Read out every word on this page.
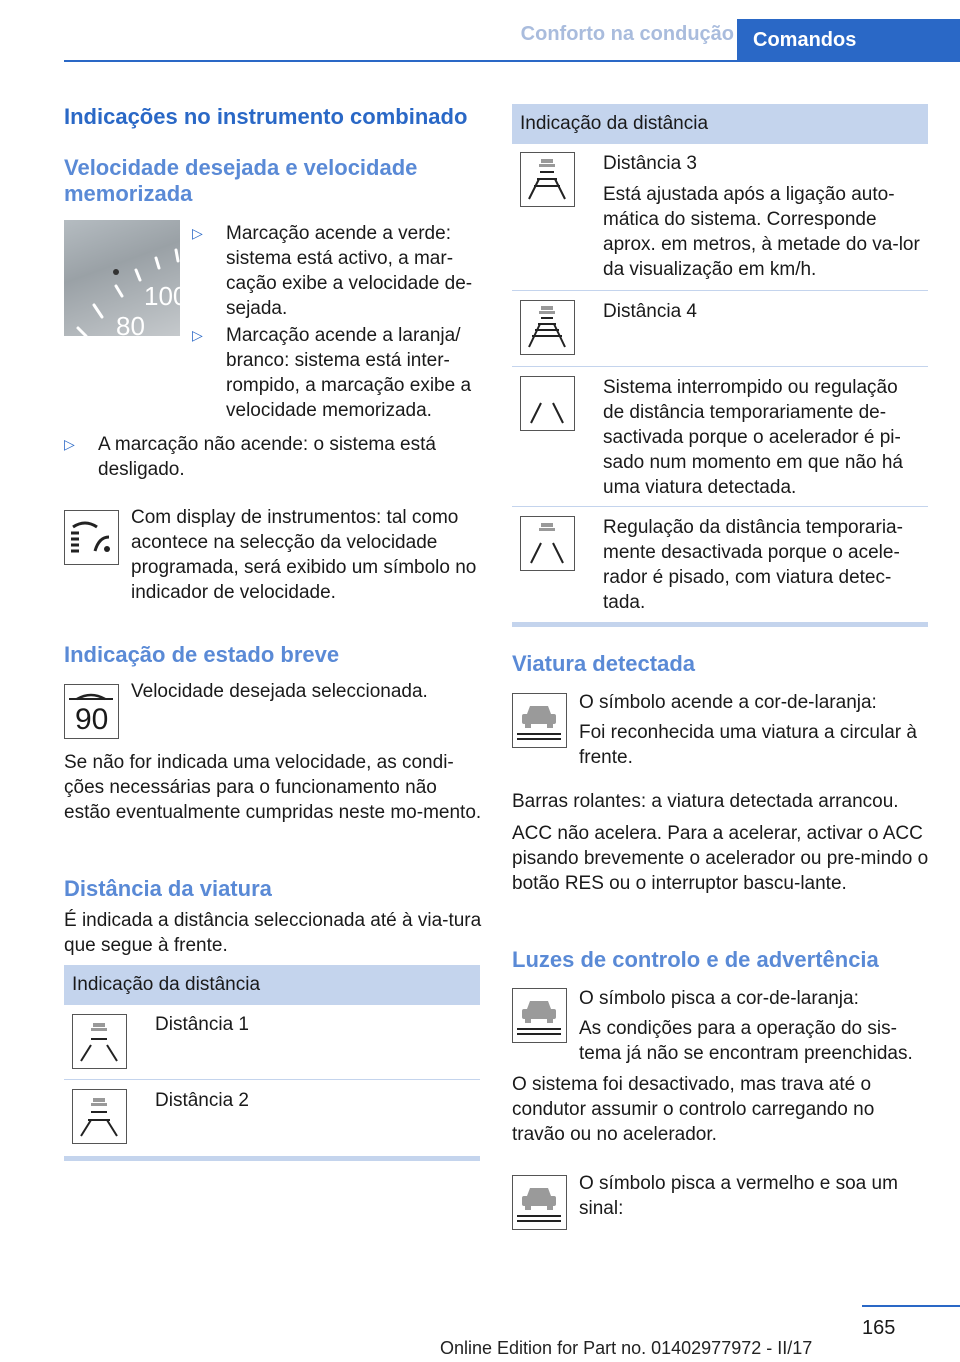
Conforto na condução Comandos
Indicações no instrumento combinado
Velocidade desejada e velocidade memorizada
100
80
▷ Marcação acende a verde: sistema está activo, a mar-cação exibe a velocidade de-sejada.
▷ Marcação acende a laranja/ branco: sistema está inter-rompido, a marcação exibe a velocidade memorizada.
▷ A marcação não acende: o sistema está desligado.
Com display de instrumentos: tal como acontece na selecção da velocidade programada, será exibido um símbolo no indicador de velocidade.
Indicação de estado breve
90
Velocidade desejada seleccionada.
Se não for indicada uma velocidade, as condi-ções necessárias para o funcionamento não estão eventualmente cumpridas neste mo-mento.
Distância da viatura
É indicada a distância seleccionada até à via-tura que segue à frente.
Indicação da distância
Distância 1
Distância 2
Indicação da distância
Distância 3
Está ajustada após a ligação auto-mática do sistema. Corresponde aprox. em metros, à metade do va-lor da visualização em km/h.
Distância 4
Sistema interrompido ou regulação de distância temporariamente de-sactivada porque o acelerador é pi-sado num momento em que não há uma viatura detectada.
Regulação da distância temporaria-mente desactivada porque o acele-rador é pisado, com viatura detec-tada.
Viatura detectada
O símbolo acende a cor-de-laranja:
Foi reconhecida uma viatura a circular à frente.
Barras rolantes: a viatura detectada arrancou.
ACC não acelera. Para a acelerar, activar o ACC pisando brevemente o acelerador ou pre-mindo o botão RES ou o interruptor bascu-lante.
Luzes de controlo e de advertência
O símbolo pisca a cor-de-laranja:
As condições para a operação do sis-tema já não se encontram preenchidas.
O sistema foi desactivado, mas trava até o condutor assumir o controlo carregando no travão ou no acelerador.
O símbolo pisca a vermelho e soa um sinal:
165
Online Edition for Part no. 01402977972 - II/17
